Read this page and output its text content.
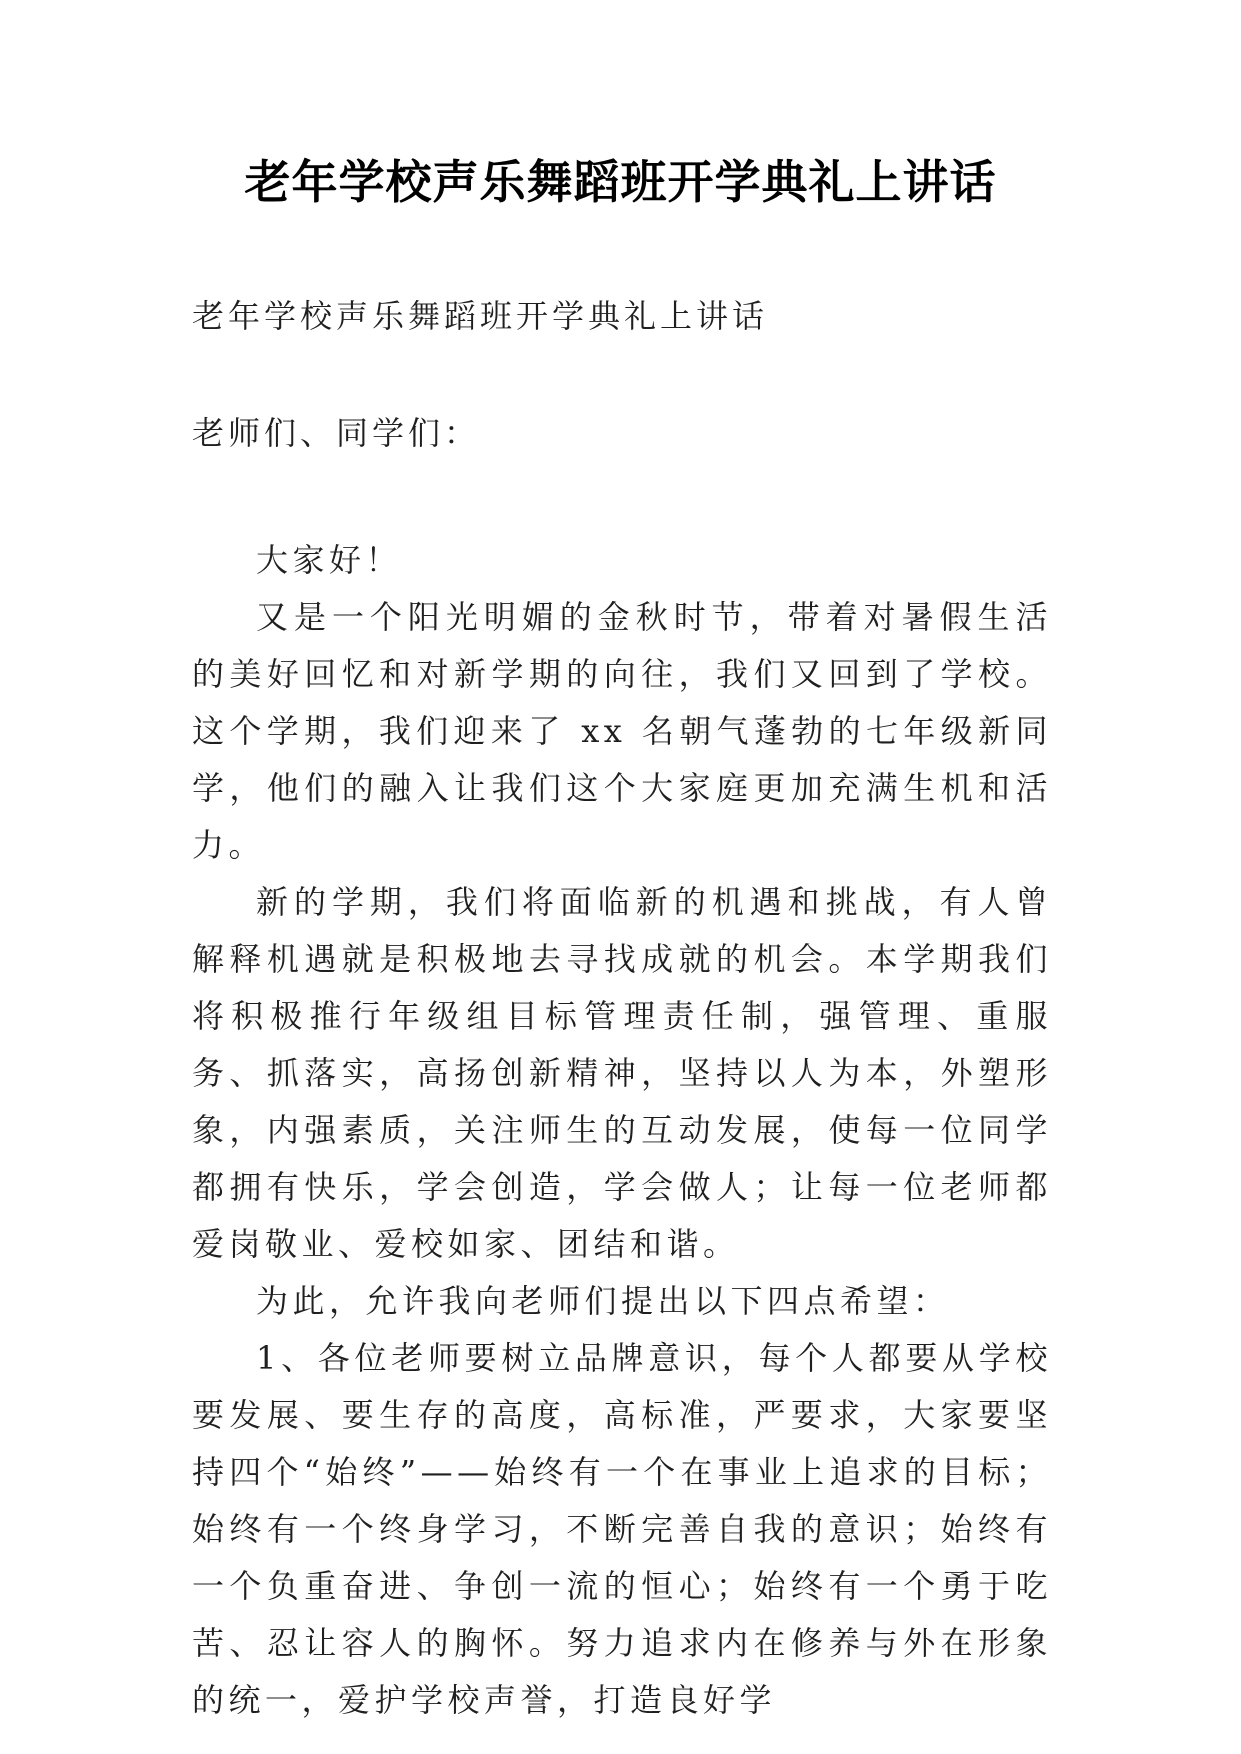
老年学校声乐舞蹈班开学典礼上讲话
老年学校声乐舞蹈班开学典礼上讲话
老师们、同学们：

大家好！

又是一个阳光明媚的金秋时节，带着对暑假生活的美好回忆和对新学期的向往，我们又回到了学校。这个学期，我们迎来了 xx 名朝气蓬勃的七年级新同学，他们的融入让我们这个大家庭更加充满生机和活力。

新的学期，我们将面临新的机遇和挑战，有人曾解释机遇就是积极地去寻找成就的机会。本学期我们将积极推行年级组目标管理责任制，强管理、重服务、抓落实，高扬创新精神，坚持以人为本，外塑形象，内强素质，关注师生的互动发展，使每一位同学都拥有快乐，学会创造，学会做人；让每一位老师都爱岗敬业、爱校如家、团结和谐。

为此，允许我向老师们提出以下四点希望：

1、各位老师要树立品牌意识，每个人都要从学校要发展、要生存的高度，高标准，严要求，大家要坚持四个“始终”——始终有一个在事业上追求的目标；始终有一个终身学习，不断完善自我的意识；始终有一个负重奋进、争创一流的恒心；始终有一个勇于吃苦、忍让容人的胸怀。努力追求内在修养与外在形象的统一，爱护学校声誉，打造良好学
